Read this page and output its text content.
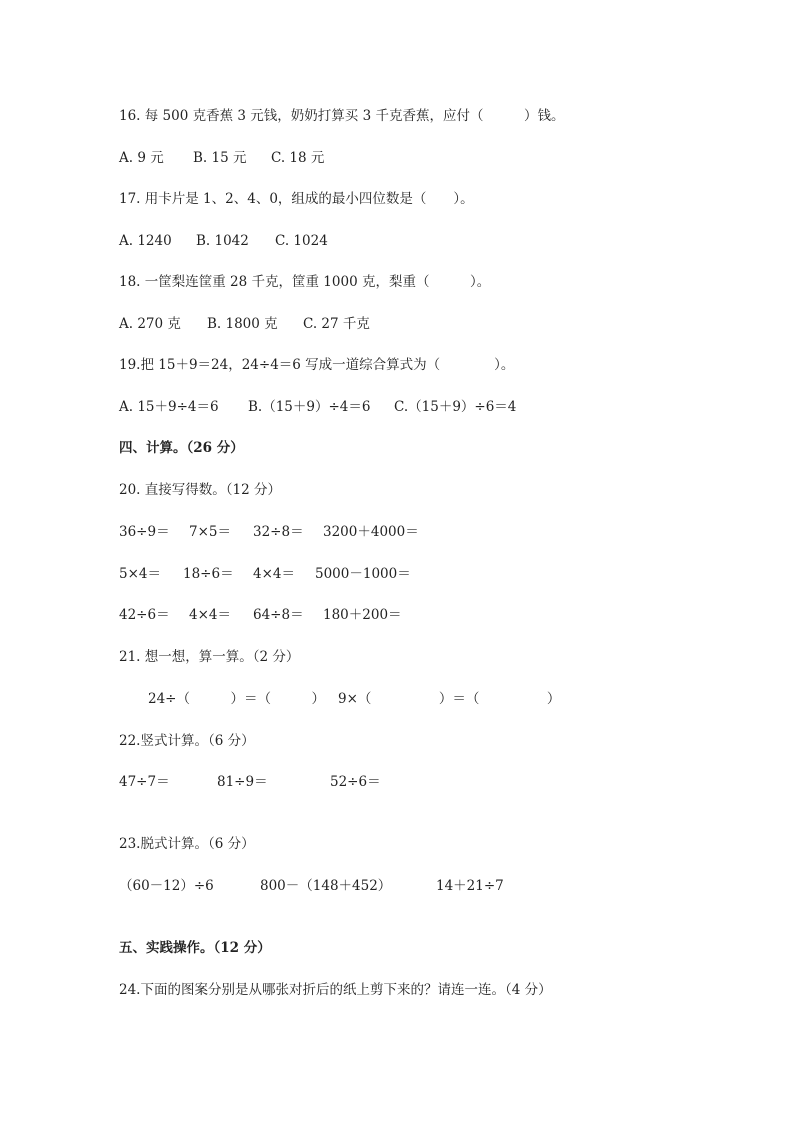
16. 每 500 克香蕉 3 元钱，奶奶打算买 3 千克香蕉，应付（　　　）钱。
A. 9 元 B. 15 元 C. 18 元
17. 用卡片是 1、2、4、0，组成的最小四位数是（　　）。
A. 1240 B. 1042 C. 1024
18. 一筐梨连筐重 28 千克，筐重 1000 克，梨重（　　　）。
A. 270 克 B. 1800 克 C. 27 千克
19.把 15＋9＝24，24÷4＝6 写成一道综合算式为（　　　　）。
A. 15＋9÷4＝6 B.（15＋9）÷4＝6 C.（15＋9）÷6＝4
四、计算。（26 分）
20. 直接写得数。（12 分）
36÷9＝ 7×5＝ 32÷8＝ 3200＋4000＝
5×4＝ 18÷6＝ 4×4＝ 5000－1000＝
42÷6＝ 4×4＝ 64÷8＝ 180＋200＝
21. 想一想，算一算。（2 分）
24÷（　　　）＝（　　　） 9×（　　　　　）＝（　　　　　）
22.竖式计算。（6 分）
47÷7＝	81÷9＝	52÷6＝
23.脱式计算。（6 分）
（60－12）÷6	800－（148＋452）	14＋21÷7
五、实践操作。（12 分）
24.下面的图案分别是从哪张对折后的纸上剪下来的？请连一连。（4 分）
